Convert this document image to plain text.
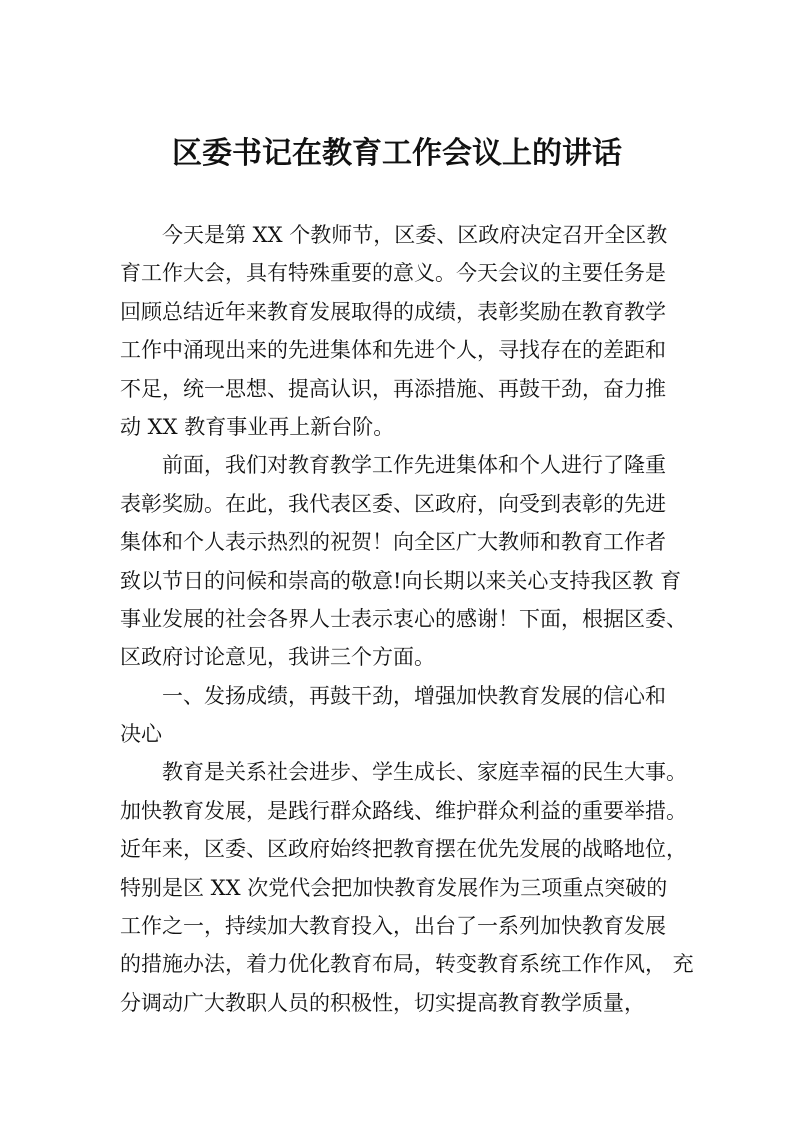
区委书记在教育工作会议上的讲话
今天是第 XX 个教师节，区委、区政府决定召开全区教
育工作大会，具有特殊重要的意义。今天会议的主要任务是
回顾总结近年来教育发展取得的成绩，表彰奖励在教育教学
工作中涌现出来的先进集体和先进个人，寻找存在的差距和
不足，统一思想、提高认识，再添措施、再鼓干劲，奋力推
动 XX 教育事业再上新台阶。
前面，我们对教育教学工作先进集体和个人进行了隆重
表彰奖励。在此，我代表区委、区政府，向受到表彰的先进
集体和个人表示热烈的祝贺！向全区广大教师和教育工作者
致以节日的问候和崇高的敬意!向长期以来关心支持我区教 育
事业发展的社会各界人士表示衷心的感谢！下面，根据区委、
区政府讨论意见，我讲三个方面。
一、发扬成绩，再鼓干劲，增强加快教育发展的信心和
决心
教育是关系社会进步、学生成长、家庭幸福的民生大事。
加快教育发展，是践行群众路线、维护群众利益的重要举措。
近年来，区委、区政府始终把教育摆在优先发展的战略地位，
特别是区 XX 次党代会把加快教育发展作为三项重点突破的
工作之一，持续加大教育投入，出台了一系列加快教育发展
的措施办法，着力优化教育布局，转变教育系统工作作风， 充
分调动广大教职人员的积极性，切实提高教育教学质量，
